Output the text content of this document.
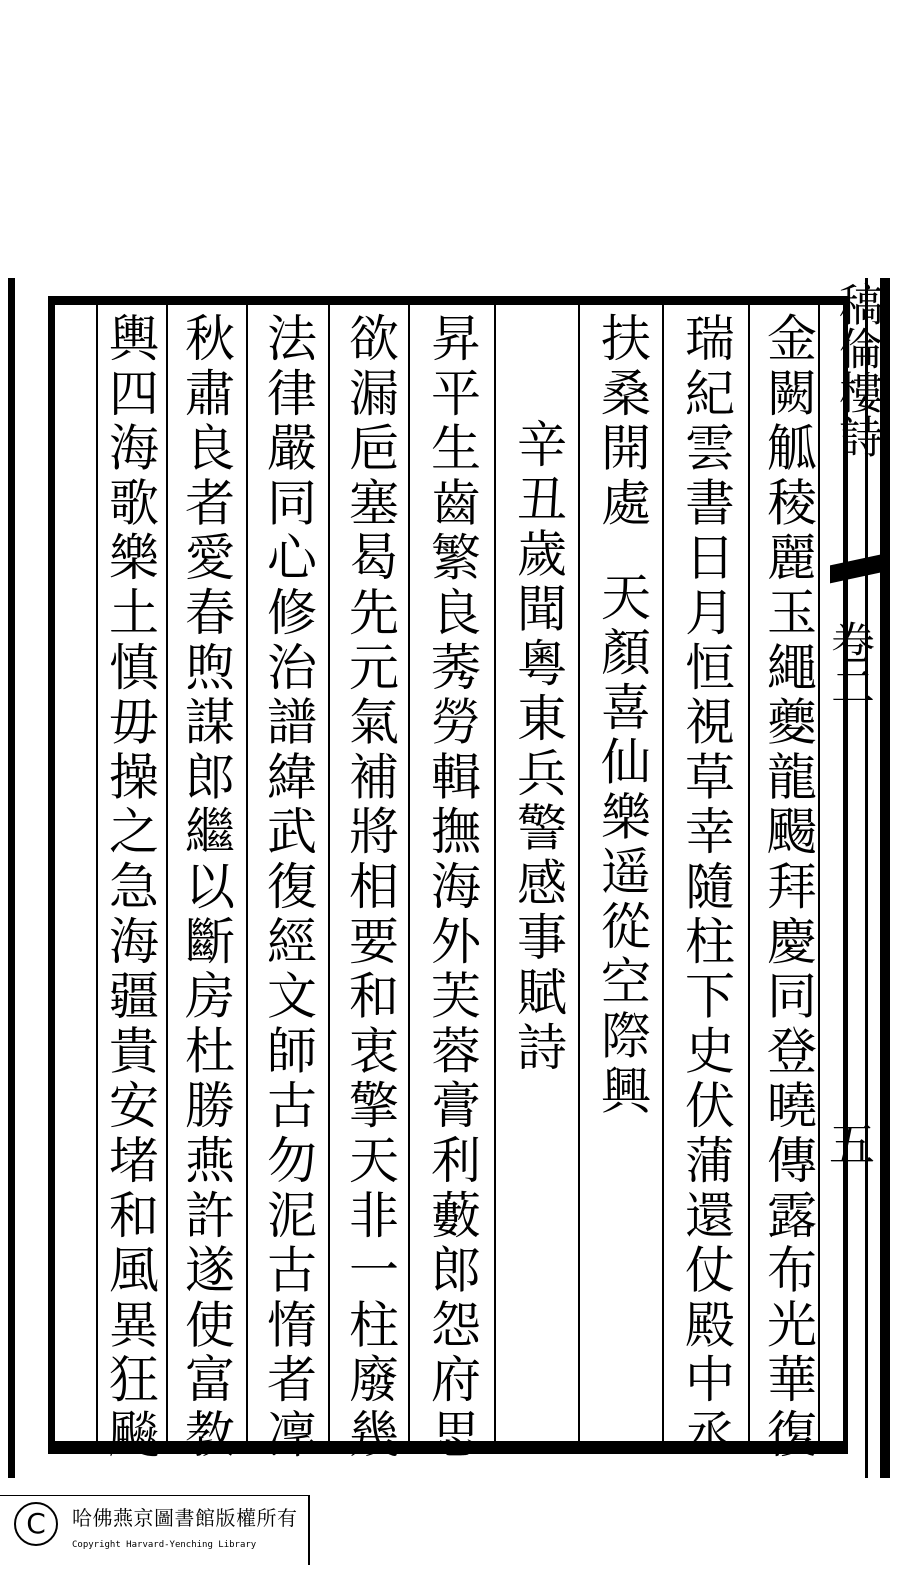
金闕觚稜麗玉繩夔龍颺拜慶同登曉傳露布光華復
瑞紀雲書日月恒視草幸隨柱下史伏蒲還仗殿中丞
扶桑開處天顏喜仙樂遥從空際興
辛丑歲聞粵東兵警感事賦詩
昇平生齒繁良莠勞輯撫海外芙蓉膏利藪郎怨府思
欲漏巵塞曷先元氣補將相要和衷擎天非一柱廢幾
法律嚴同心修治譜緯武復經文師古勿泥古惰者凜
秋肅良者愛春煦謀郎繼以斷房杜勝燕許遂使富教
輿四海歌樂土慎毋操之急海疆貴安堵和風異狂飈	稿倫樓詩
卷二
五
C	哈佛燕京圖書館版權所有
Copyright Harvard-Yenching Library
